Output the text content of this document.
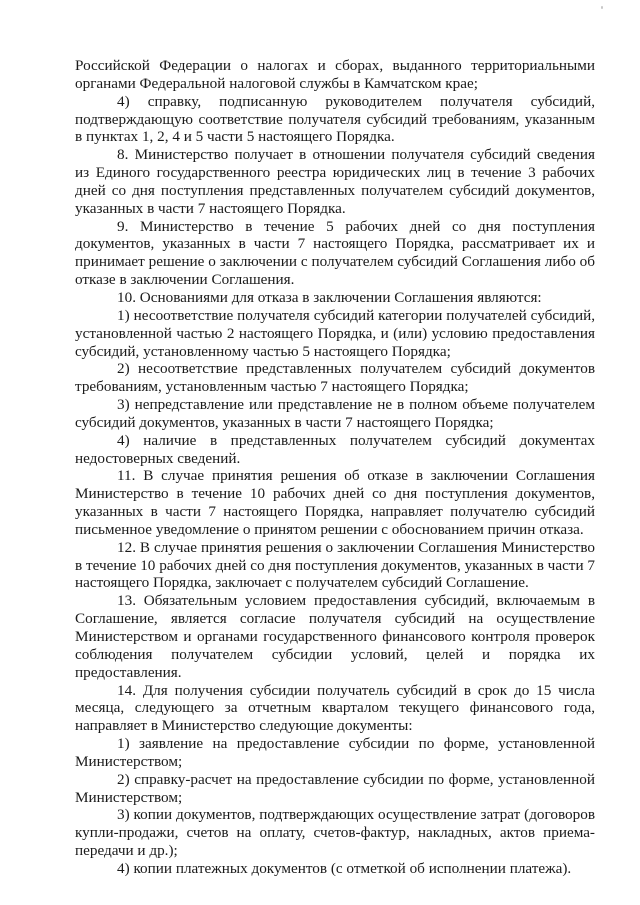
Российской Федерации о налогах и сборах, выданного территориальными органами Федеральной налоговой службы в Камчатском крае;

4) справку, подписанную руководителем получателя субсидий, подтверждающую соответствие получателя субсидий требованиям, указанным в пунктах 1, 2, 4 и 5 части 5 настоящего Порядка.

8. Министерство получает в отношении получателя субсидий сведения из Единого государственного реестра юридических лиц в течение 3 рабочих дней со дня поступления представленных получателем субсидий документов, указанных в части 7 настоящего Порядка.

9. Министерство в течение 5 рабочих дней со дня поступления документов, указанных в части 7 настоящего Порядка, рассматривает их и принимает решение о заключении с получателем субсидий Соглашения либо об отказе в заключении Соглашения.

10. Основаниями для отказа в заключении Соглашения являются:

1) несоответствие получателя субсидий категории получателей субсидий, установленной частью 2 настоящего Порядка, и (или) условию предоставления субсидий, установленному частью 5 настоящего Порядка;

2) несоответствие представленных получателем субсидий документов требованиям, установленным частью 7 настоящего Порядка;

3) непредставление или представление не в полном объеме получателем субсидий документов, указанных в части 7 настоящего Порядка;

4) наличие в представленных получателем субсидий документах недостоверных сведений.

11. В случае принятия решения об отказе в заключении Соглашения Министерство в течение 10 рабочих дней со дня поступления документов, указанных в части 7 настоящего Порядка, направляет получателю субсидий письменное уведомление о принятом решении с обоснованием причин отказа.

12. В случае принятия решения о заключении Соглашения Министерство в течение 10 рабочих дней со дня поступления документов, указанных в части 7 настоящего Порядка, заключает с получателем субсидий Соглашение.

13. Обязательным условием предоставления субсидий, включаемым в Соглашение, является согласие получателя субсидий на осуществление Министерством и органами государственного финансового контроля проверок соблюдения получателем субсидии условий, целей и порядка их предоставления.

14. Для получения субсидии получатель субсидий в срок до 15 числа месяца, следующего за отчетным кварталом текущего финансового года, направляет в Министерство следующие документы:

1) заявление на предоставление субсидии по форме, установленной Министерством;

2) справку-расчет на предоставление субсидии по форме, установленной Министерством;

3) копии документов, подтверждающих осуществление затрат (договоров купли-продажи, счетов на оплату, счетов-фактур, накладных, актов приема-передачи и др.);

4) копии платежных документов (с отметкой об исполнении платежа).
